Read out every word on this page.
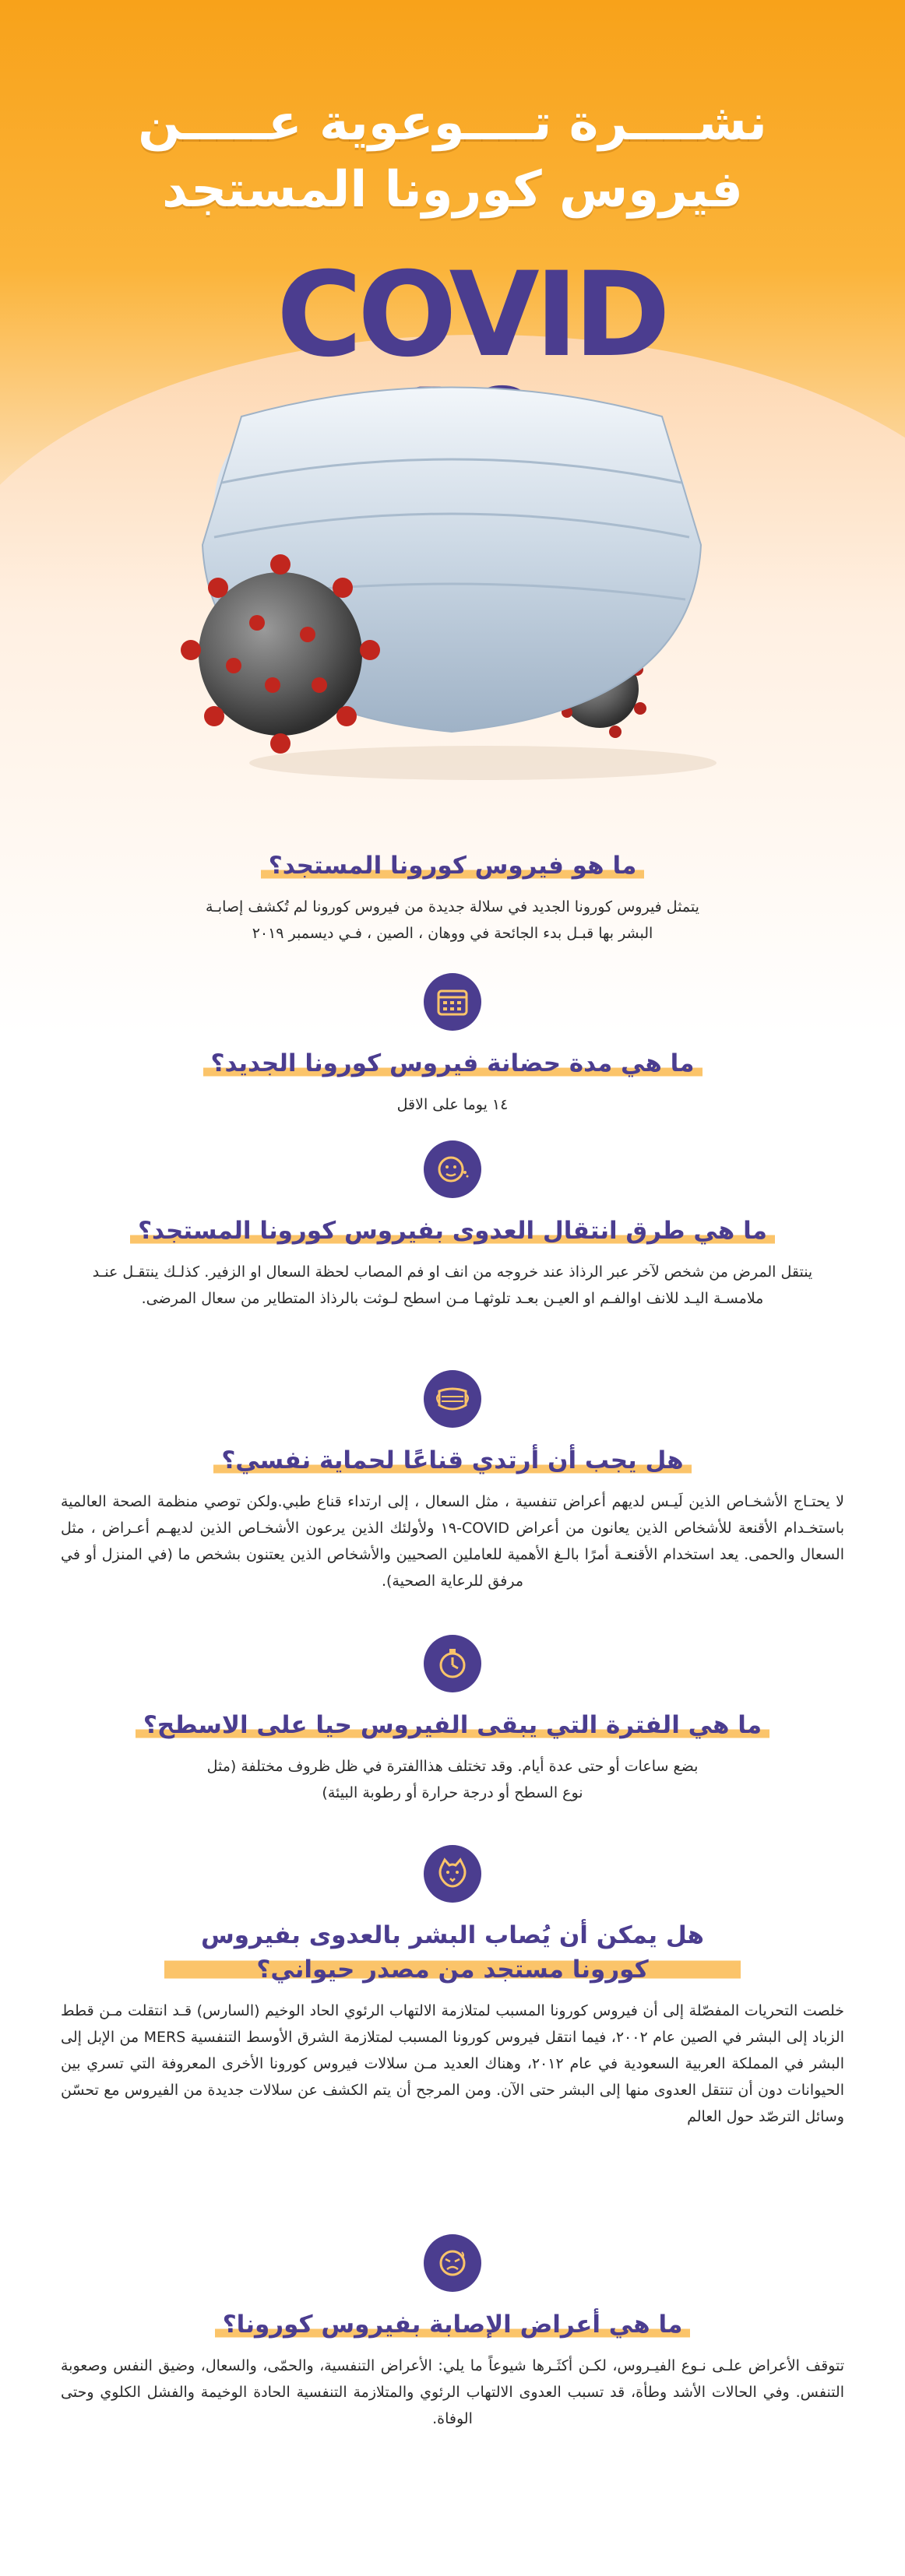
نشــــرة تــــوعوية عـــــن
فيروس كورونا المستجد
COVID
ما هو فيروس كورونا المستجد؟
يتمثل فيروس كورونا الجديد في سلالة جديدة من فيروس كورونا لم تُكشف إصابـة البشر بها قبـل بدء الجائحة في ووهان ، الصين ، فـي ديسمبر ٢٠١٩
ما هي مدة حضانة فيروس كورونا الجديد؟
١٤ يوما على الاقل
ما هي طرق انتقال العدوى بفيروس كورونا المستجد؟
ينتقل المرض من شخص لآخر عبر الرذاذ عند خروجه من انف او فم المصاب لحظة السعال او الزفير. كذلـك ينتقـل عنـد ملامسـة اليـد للانف اوالفـم او العيـن بعـد تلوثهـا مـن اسطح لـوثت بالرذاذ المتطاير من سعال المرضى.
هل يجب أن أرتدي قناعًا لحماية نفسي؟
لا يحتـاج الأشخـاص الذين لَيـس لديهم أعراض تنفسية ، مثل السعال ، إلى ارتداء قناع طبي.ولكن توصي منظمة الصحة العالمية باستخـدام الأقنعة للأشخاص الذين يعانون من أعراض COVID-١٩ ولأولئك الذين يرعون الأشخـاص الذين لديهـم أعـراض ، مثل السعال والحمى. يعد استخدام الأقنعـة أمرًا بالـغ الأهمية للعاملين الصحيين والأشخاص الذين يعتنون بشخص ما (في المنزل أو في مرفق للرعاية الصحية).
ما هي الفترة التي يبقى الفيروس حيا على الاسطح؟
بضع ساعات أو حتى عدة أيام. وقد تختلف هذاالفترة في ظل ظروف مختلفة (مثل نوع السطح أو درجة حرارة أو رطوبة البيئة)
هل يمكن أن يُصاب البشر بالعدوى بفيروس كورونا مستجد من مصدر حيواني؟
خلصت التحريات المفصّلة إلى أن فيروس كورونا المسبب لمتلازمة الالتهاب الرئوي الحاد الوخيم (السارس) قـد انتقلت مـن قطط الزباد إلى البشر في الصين عام ٢٠٠٢، فيما انتقل فيروس كورونا المسبب لمتلازمة الشرق الأوسط التنفسية MERS من الإبل إلى البشر في المملكة العربية السعودية في عام ٢٠١٢، وهناك العديد مـن سلالات فيروس كورونا الأخرى المعروفة التي تسري بين الحيوانات دون أن تنتقل العدوى منها إلى البشر حتى الآن. ومن المرجح أن يتم الكشف عن سلالات جديدة من الفيروس مع تحسّن وسائل الترصّد حول العالم
ما هي أعراض الإصابة بفيروس كورونا؟
تتوقف الأعراض علـى نـوع الفيـروس، لكـن أكثَـرها شيوعاً ما يلي: الأعراض التنفسية، والحمّى، والسعال، وضيق النفس وصعوبة التنفس. وفي الحالات الأشد وطأة، قد تسبب العدوى الالتهاب الرئوي والمتلازمة التنفسية الحادة الوخيمة والفشل الكلوي وحتى الوفاة.
